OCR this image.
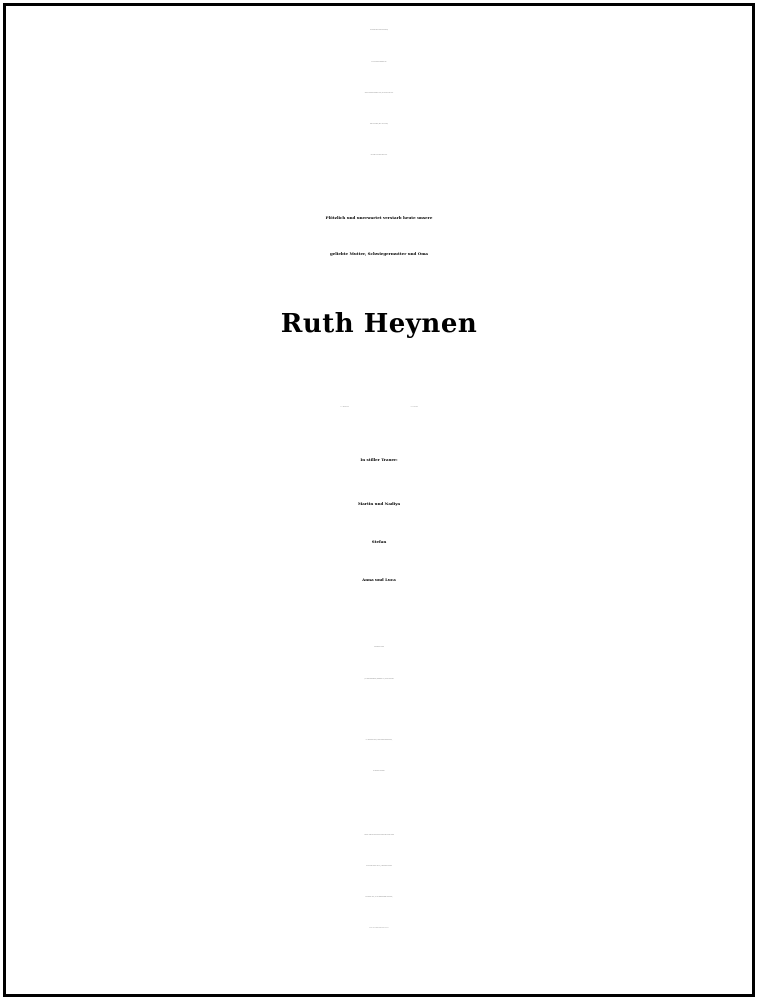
Doch lasset mich in stillen Stunden,
bei euch sein so manches Mal.
Was ich getan in meinem Leben, ich tat es nur für euch.
Was ich gekonnt, hab` ich gegeben,
als Dank bleibt einig unter euch.
Plötzlich und unerwartet verstarb heute unsere
geliebte Mutter, Schwiegermutter und Oma
Ruth Heynen
* 4. August 1936	† 31. Juli 2021
In stiller Trauer:
Martin und Nadiya
Stefan
Anna und Luca
Trauerhaus Heynen
c/o Ernst Bestattungen, Staasstraße 48, 42369 Wuppertal
Die Beisetzung findet, ihrem Wunsch entsprechend,
im engsten Kreis statt.
Anstelle freundlich zugedachter Blumen und Kränze bitten
wir um eine Spende für die „Kinderhospiz-Stiftung
Bergisches Land", bei der Stadtsparkasse Wuppertal,
IBAN: DE42 3305 0000 0000 9799 97.
